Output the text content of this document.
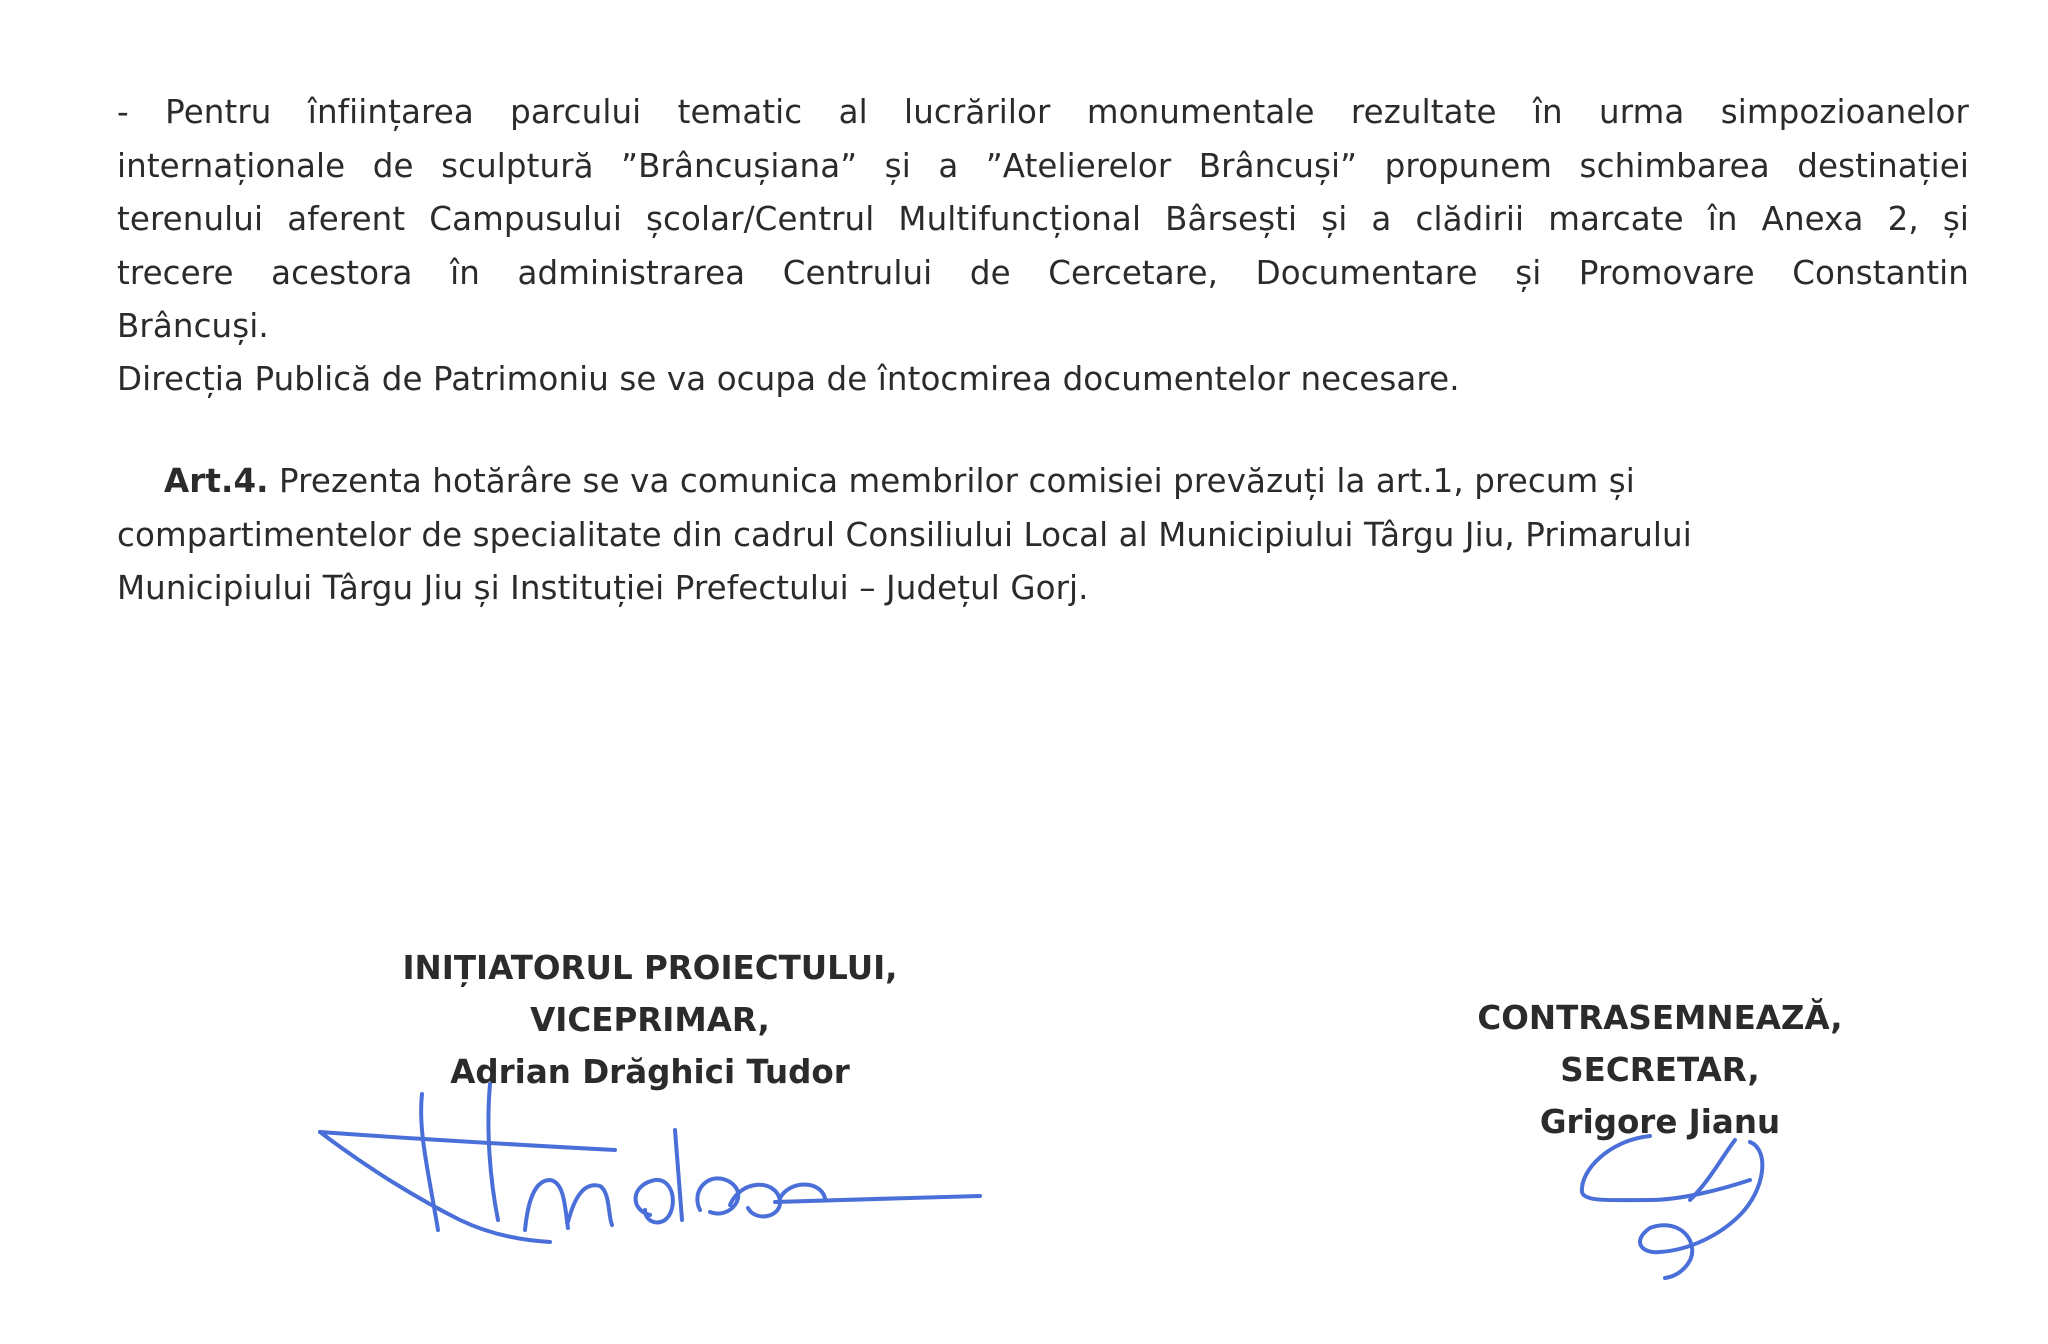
- Pentru înființarea parcului tematic al lucrărilor monumentale rezultate în urma simpozioanelor
internaționale de sculptură ”Brâncușiana” și a ”Atelierelor Brâncuși” propunem schimbarea destinației
terenului aferent Campusului școlar/Centrul Multifuncțional Bârsești și a clădirii marcate în Anexa 2, și
trecere acestora în administrarea Centrului de Cercetare, Documentare și Promovare Constantin
Brâncuși.
Direcția Publică de Patrimoniu se va ocupa de întocmirea documentelor necesare.
Art.4. Prezenta hotărâre se va comunica membrilor comisiei prevăzuți la art.1, precum și
compartimentelor de specialitate din cadrul Consiliului Local al Municipiului Târgu Jiu, Primarului
Municipiului Târgu Jiu și Instituției Prefectului – Județul Gorj.
INIȚIATORUL PROIECTULUI,
VICEPRIMAR,
Adrian Drăghici Tudor
CONTRASEMNEAZĂ,
SECRETAR,
Grigore Jianu
